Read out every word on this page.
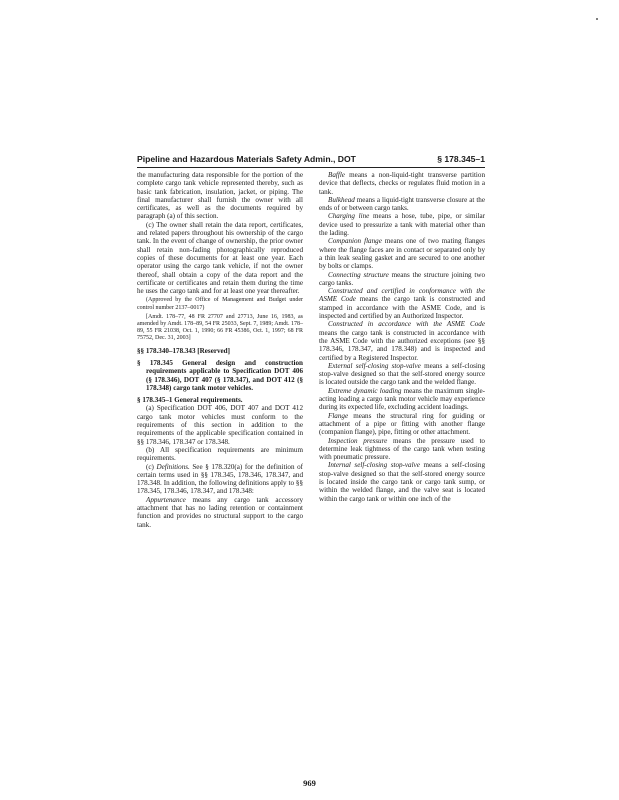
Pipeline and Hazardous Materials Safety Admin., DOT	§ 178.345–1

the manufacturing data responsible for the portion of the complete cargo tank vehicle represented thereby, such as basic tank fabrication, insulation, jacket, or piping. The final manufacturer shall furnish the owner with all certificates, as well as the documents required by paragraph (a) of this section.

(c) The owner shall retain the data report, certificates, and related papers throughout his ownership of the cargo tank. In the event of change of ownership, the prior owner shall retain non-fading photographically reproduced copies of these documents for at least one year. Each operator using the cargo tank vehicle, if not the owner thereof, shall obtain a copy of the data report and the certificate or certificates and retain them during the time he uses the cargo tank and for at least one year thereafter.

(Approved by the Office of Management and Budget under control number 2137–0017)

[Amdt. 178–77, 48 FR 27707 and 27713, June 16, 1983, as amended by Amdt. 178–89, 54 FR 25033, Sept. 7, 1989; Amdt. 178–89, 55 FR 21038, Oct. 1, 1990; 66 FR 45386, Oct. 1, 1997; 68 FR 75752, Dec. 31, 2003]

§§ 178.340–178.343 [Reserved]

§ 178.345 General design and construction requirements applicable to Specification DOT 406 (§ 178.346), DOT 407 (§ 178.347), and DOT 412 (§ 178.348) cargo tank motor vehicles.

§ 178.345–1 General requirements.

(a) Specification DOT 406, DOT 407 and DOT 412 cargo tank motor vehicles must conform to the requirements of this section in addition to the requirements of the applicable specification contained in §§ 178.346, 178.347 or 178.348.

(b) All specification requirements are minimum requirements.

(c) Definitions. See § 178.320(a) for the definition of certain terms used in §§ 178.345, 178.346, 178.347, and 178.348. In addition, the following definitions apply to §§ 178.345, 178.346, 178.347, and 178.348:

Appurtenance means any cargo tank accessory attachment that has no lading retention or containment function and provides no structural support to the cargo tank.

Baffle means a non-liquid-tight transverse partition device that deflects, checks or regulates fluid motion in a tank.

Bulkhead means a liquid-tight transverse closure at the ends of or between cargo tanks.

Charging line means a hose, tube, pipe, or similar device used to pressurize a tank with material other than the lading.

Companion flange means one of two mating flanges where the flange faces are in contact or separated only by a thin leak sealing gasket and are secured to one another by bolts or clamps.

Connecting structure means the structure joining two cargo tanks.

Constructed and certified in conformance with the ASME Code means the cargo tank is constructed and stamped in accordance with the ASME Code, and is inspected and certified by an Authorized Inspector.

Constructed in accordance with the ASME Code means the cargo tank is constructed in accordance with the ASME Code with the authorized exceptions (see §§ 178.346, 178.347, and 178.348) and is inspected and certified by a Registered Inspector.

External self-closing stop-valve means a self-closing stop-valve designed so that the self-stored energy source is located outside the cargo tank and the welded flange.

Extreme dynamic loading means the maximum single-acting loading a cargo tank motor vehicle may experience during its expected life, excluding accident loadings.

Flange means the structural ring for guiding or attachment of a pipe or fitting with another flange (companion flange), pipe, fitting or other attachment.

Inspection pressure means the pressure used to determine leak tightness of the cargo tank when testing with pneumatic pressure.

Internal self-closing stop-valve means a self-closing stop-valve designed so that the self-stored energy source is located inside the cargo tank or cargo tank sump, or within the welded flange, and the valve seat is located within the cargo tank or within one inch of the

969
